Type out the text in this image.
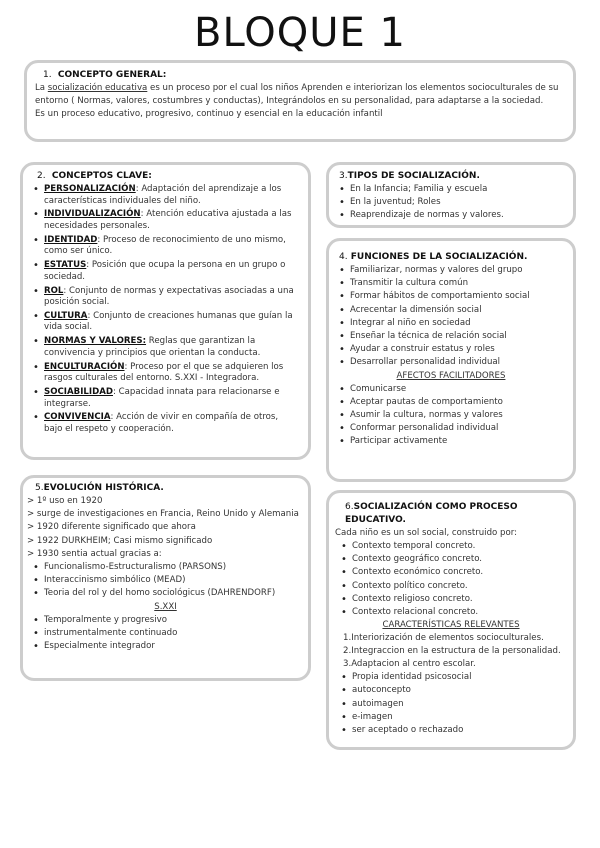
BLOQUE 1
1. CONCEPTO GENERAL:
La socialización educativa es un proceso por el cual los niños Aprenden e interiorizan los elementos socioculturales de su entorno ( Normas, valores, costumbres y conductas), Integrándolos en su personalidad, para adaptarse a la sociedad.
Es un proceso educativo, progresivo, continuo y esencial en la educación infantil
2. CONCEPTOS CLAVE:
• PERSONALIZACIÓN: Adaptación del aprendizaje a los características individuales del niño.
• INDIVIDUALIZACIÓN: Atención educativa ajustada a las necesidades personales.
• IDENTIDAD: Proceso de reconocimiento de uno mismo, como ser único.
• ESTATUS: Posición que ocupa la persona en un grupo o sociedad.
• ROL: Conjunto de normas y expectativas asociadas a una posición social.
• CULTURA: Conjunto de creaciones humanas que guían la vida social.
• NORMAS Y VALORES: Reglas que garantizan la convivencia y principios que orientan la conducta.
• ENCULTURACIÓN: Proceso por el que se adquieren los rasgos culturales del entorno. S.XXI - Integradora.
• SOCIABILIDAD: Capacidad innata para relacionarse e integrarse.
• CONVIVENCIA: Acción de vivir en compañía de otros, bajo el respeto y cooperación.
3.TIPOS DE SOCIALIZACIÓN.
• En la Infancia; Familia y escuela
• En la juventud; Roles
• Reaprendizaje de normas y valores.
4. FUNCIONES DE LA SOCIALIZACIÓN.
• Familiarizar, normas y valores del grupo
• Transmitir la cultura común
• Formar hábitos de comportamiento social
• Acrecentar la dimensión social
• Integrar al niño en sociedad
• Enseñar la técnica de relación social
• Ayudar a construir estatus y roles
• Desarrollar personalidad individual
AFECTOS FACILITADORES
• Comunicarse
• Aceptar pautas de comportamiento
• Asumir la cultura, normas y valores
• Conformar personalidad individual
• Participar activamente
5.EVOLUCIÓN HISTÓRICA.
> 1º uso en 1920
> surge de investigaciones en Francia, Reino Unido y Alemania
> 1920 diferente significado que ahora
> 1922 DURKHEIM; Casi mismo significado
> 1930 sentia actual gracias a:
• Funcionalismo-Estructuralismo (PARSONS)
• Interaccinismo simbólico (MEAD)
• Teoria del rol y del homo sociológicus (DAHRENDORF)
S.XXI
• Temporalmente y progresivo
• instrumentalmente continuado
• Especialmente integrador
6.SOCIALIZACIÓN COMO PROCESO EDUCATIVO.
Cada niño es un sol social, construido por:
• Contexto temporal concreto.
• Contexto geográfico concreto.
• Contexto económico concreto.
• Contexto político concreto.
• Contexto religioso concreto.
• Contexto relacional concreto.
CARACTERÍSTICAS RELEVANTES
1.Interiorización de elementos socioculturales.
2.Integraccion en la estructura de la personalidad.
3.Adaptacion al centro escolar.
• Propia identidad psicosocial
• autoconcepto
• autoimagen
• e-imagen
• ser aceptado o rechazado
